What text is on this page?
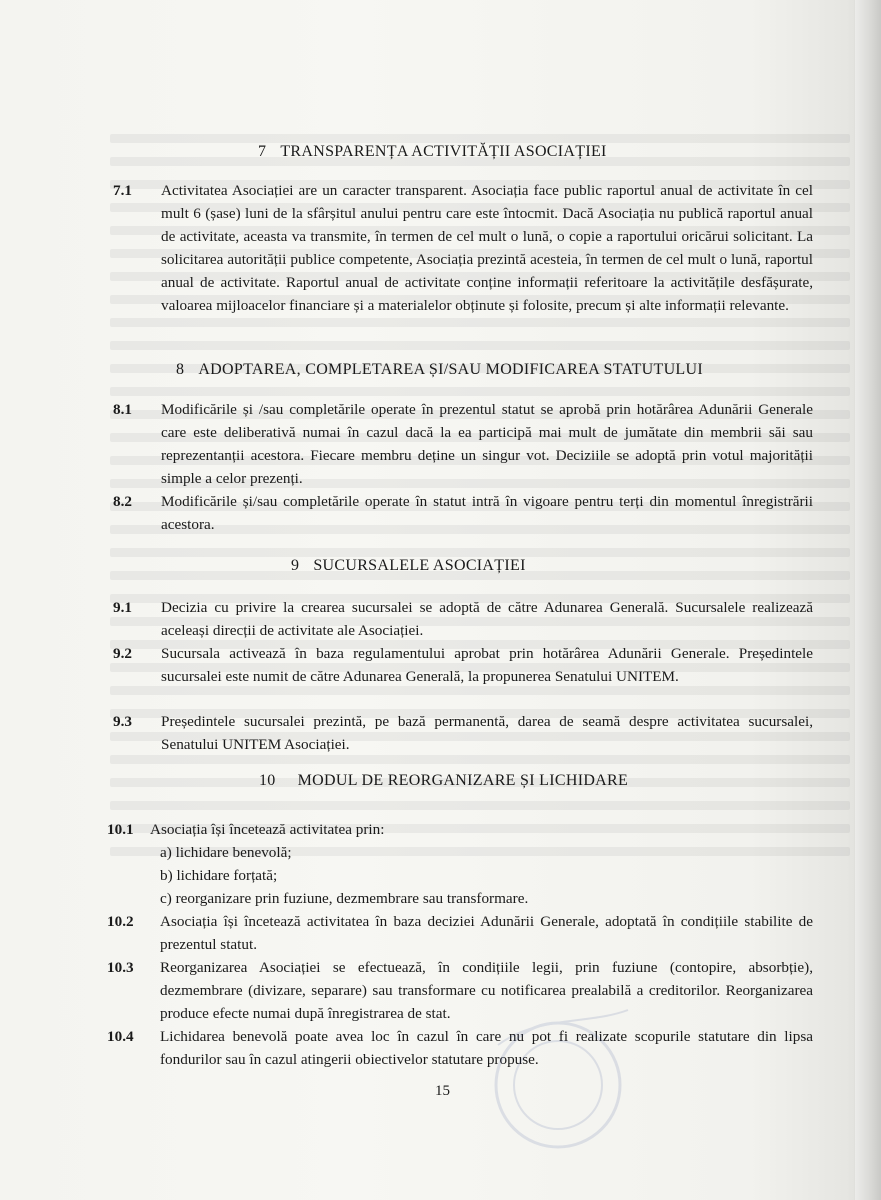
7 TRANSPARENȚA ACTIVITĂȚII ASOCIAȚIEI
7.1 Activitatea Asociației are un caracter transparent. Asociația face public raportul anual de activitate în cel mult 6 (șase) luni de la sfârșitul anului pentru care este întocmit. Dacă Asociația nu publică raportul anual de activitate, aceasta va transmite, în termen de cel mult o lună, o copie a raportului oricărui solicitant. La solicitarea autorității publice competente, Asociația prezintă acesteia, în termen de cel mult o lună, raportul anual de activitate. Raportul anual de activitate conține informații referitoare la activitățile desfășurate, valoarea mijloacelor financiare și a materialelor obținute și folosite, precum și alte informații relevante.
8 ADOPTAREA, COMPLETAREA ȘI/SAU MODIFICAREA STATUTULUI
8.1 Modificările și /sau completările operate în prezentul statut se aprobă prin hotărârea Adunării Generale care este deliberativă numai în cazul dacă la ea participă mai mult de jumătate din membrii săi sau reprezentanții acestora. Fiecare membru deține un singur vot. Deciziile se adoptă prin votul majorității simple a celor prezenți.
8.2 Modificările și/sau completările operate în statut intră în vigoare pentru terți din momentul înregistrării acestora.
9 SUCURSALELE ASOCIAȚIEI
9.1 Decizia cu privire la crearea sucursalei se adoptă de către Adunarea Generală. Sucursalele realizează aceleași direcții de activitate ale Asociației.
9.2 Sucursala activează în baza regulamentului aprobat prin hotărârea Adunării Generale. Președintele sucursalei este numit de către Adunarea Generală, la propunerea Senatului UNITEM.
9.3 Președintele sucursalei prezintă, pe bază permanentă, darea de seamă despre activitatea sucursalei, Senatului UNITEM Asociației.
10 MODUL DE REORGANIZARE ȘI LICHIDARE
10.1 Asociația își încetează activitatea prin:
a) lichidare benevolă;
b) lichidare forțată;
c) reorganizare prin fuziune, dezmembrare sau transformare.
10.2 Asociația își încetează activitatea în baza deciziei Adunării Generale, adoptată în condițiile stabilite de prezentul statut.
10.3 Reorganizarea Asociației se efectuează, în condițiile legii, prin fuziune (contopire, absorbție), dezmembrare (divizare, separare) sau transformare cu notificarea prealabilă a creditorilor. Reorganizarea produce efecte numai după înregistrarea de stat.
10.4 Lichidarea benevolă poate avea loc în cazul în care nu pot fi realizate scopurile statutare din lipsa fondurilor sau în cazul atingerii obiectivelor statutare propuse.
15
